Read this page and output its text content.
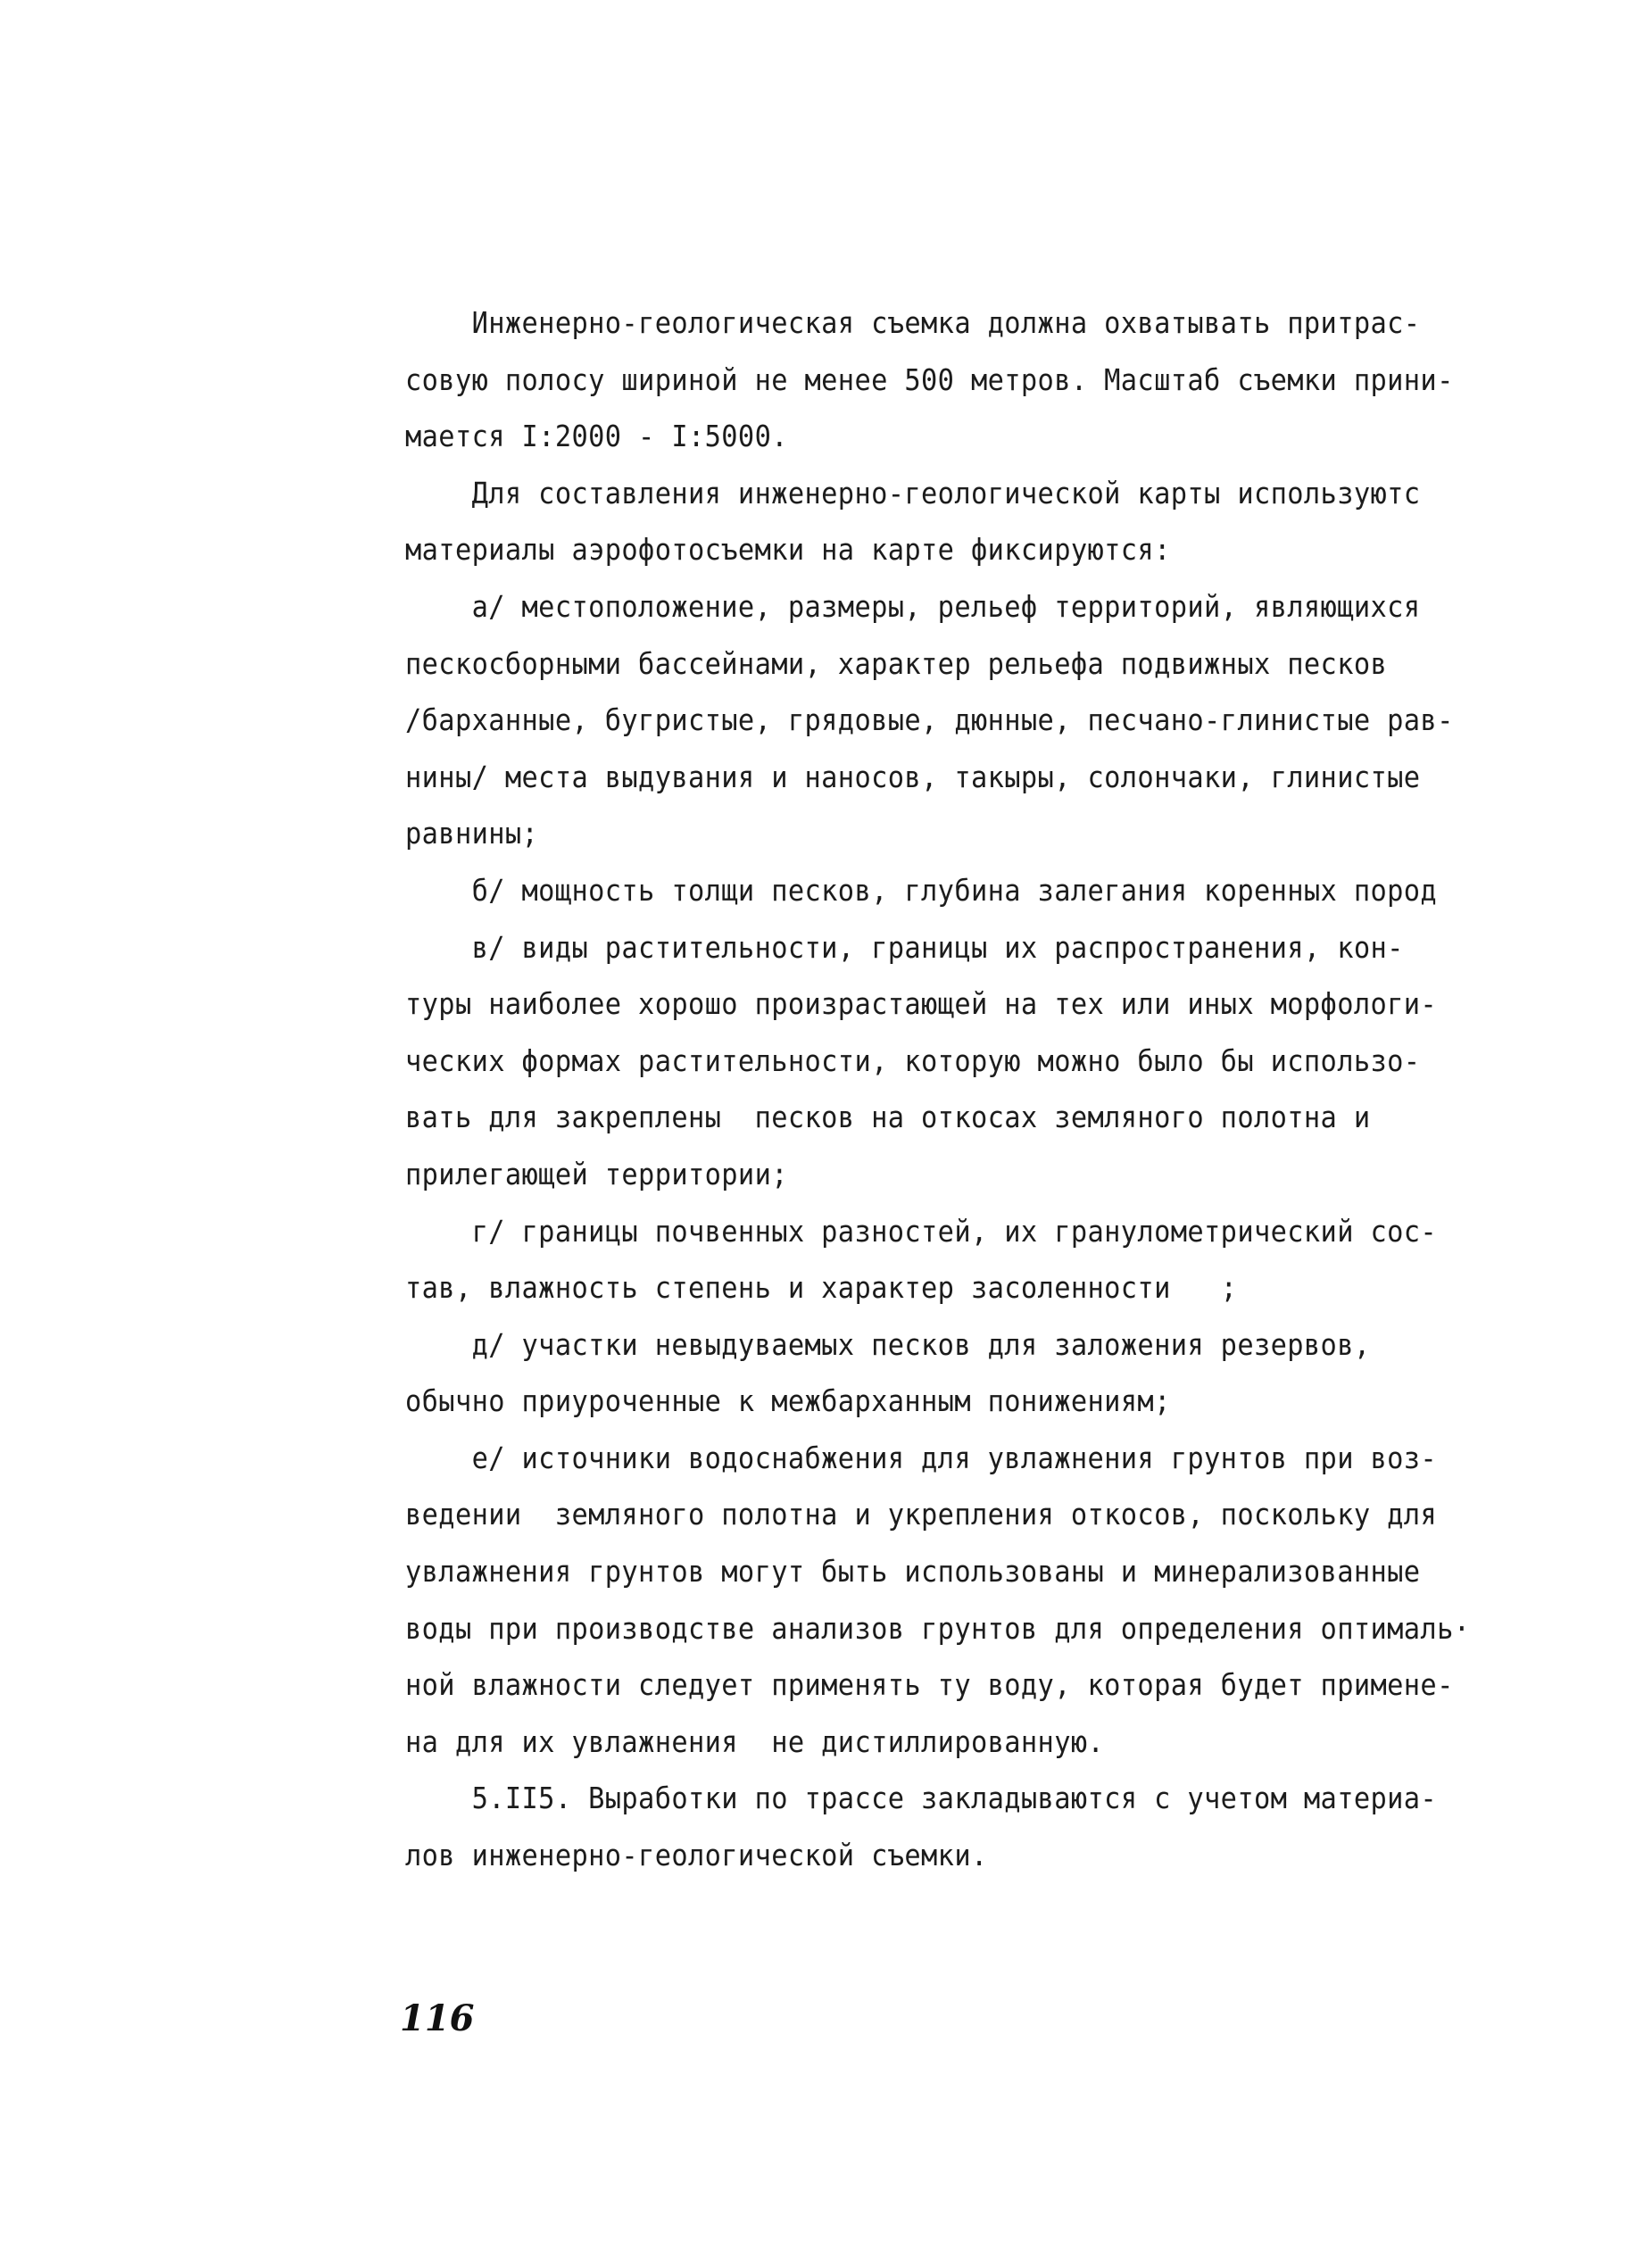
Инженерно-геологическая съемка должна охватывать притрас-
совую полосу шириной не менее 500 метров. Масштаб съемки прини-
мается I:2000 - I:5000.
Для составления инженерно-геологической карты используютс
материалы аэрофотосъемки на карте фиксируются:
а/ местоположение, размеры, рельеф территорий, являющихся
пескосборными бассейнами, характер рельефа подвижных песков
/барханные, бугристые, грядовые, дюнные, песчано-глинистые рав-
нины/ места выдувания и наносов, такыры, солончаки, глинистые
равнины;
б/ мощность толщи песков, глубина залегания коренных пород
в/ виды растительности, границы их распространения, кон-
туры наиболее хорошо произрастающей на тех или иных морфологи-
ческих формах растительности, которую можно было бы использо-
вать для закреплены  песков на откосах земляного полотна и
прилегающей территории;
г/ границы почвенных разностей, их гранулометрический сос-
тав, влажность степень и характер засоленности   ;
д/ участки невыдуваемых песков для заложения резервов,
обычно приуроченные к межбарханным понижениям;
е/ источники водоснабжения для увлажнения грунтов при воз-
ведении  земляного полотна и укрепления откосов, поскольку для
увлажнения грунтов могут быть использованы и минерализованные
воды при производстве анализов грунтов для определения оптималь·
ной влажности следует применять ту воду, которая будет примене-
на для их увлажнения  не дистиллированную.
5.II5. Выработки по трассе закладываются с учетом материа-
лов инженерно-геологической съемки.
116
